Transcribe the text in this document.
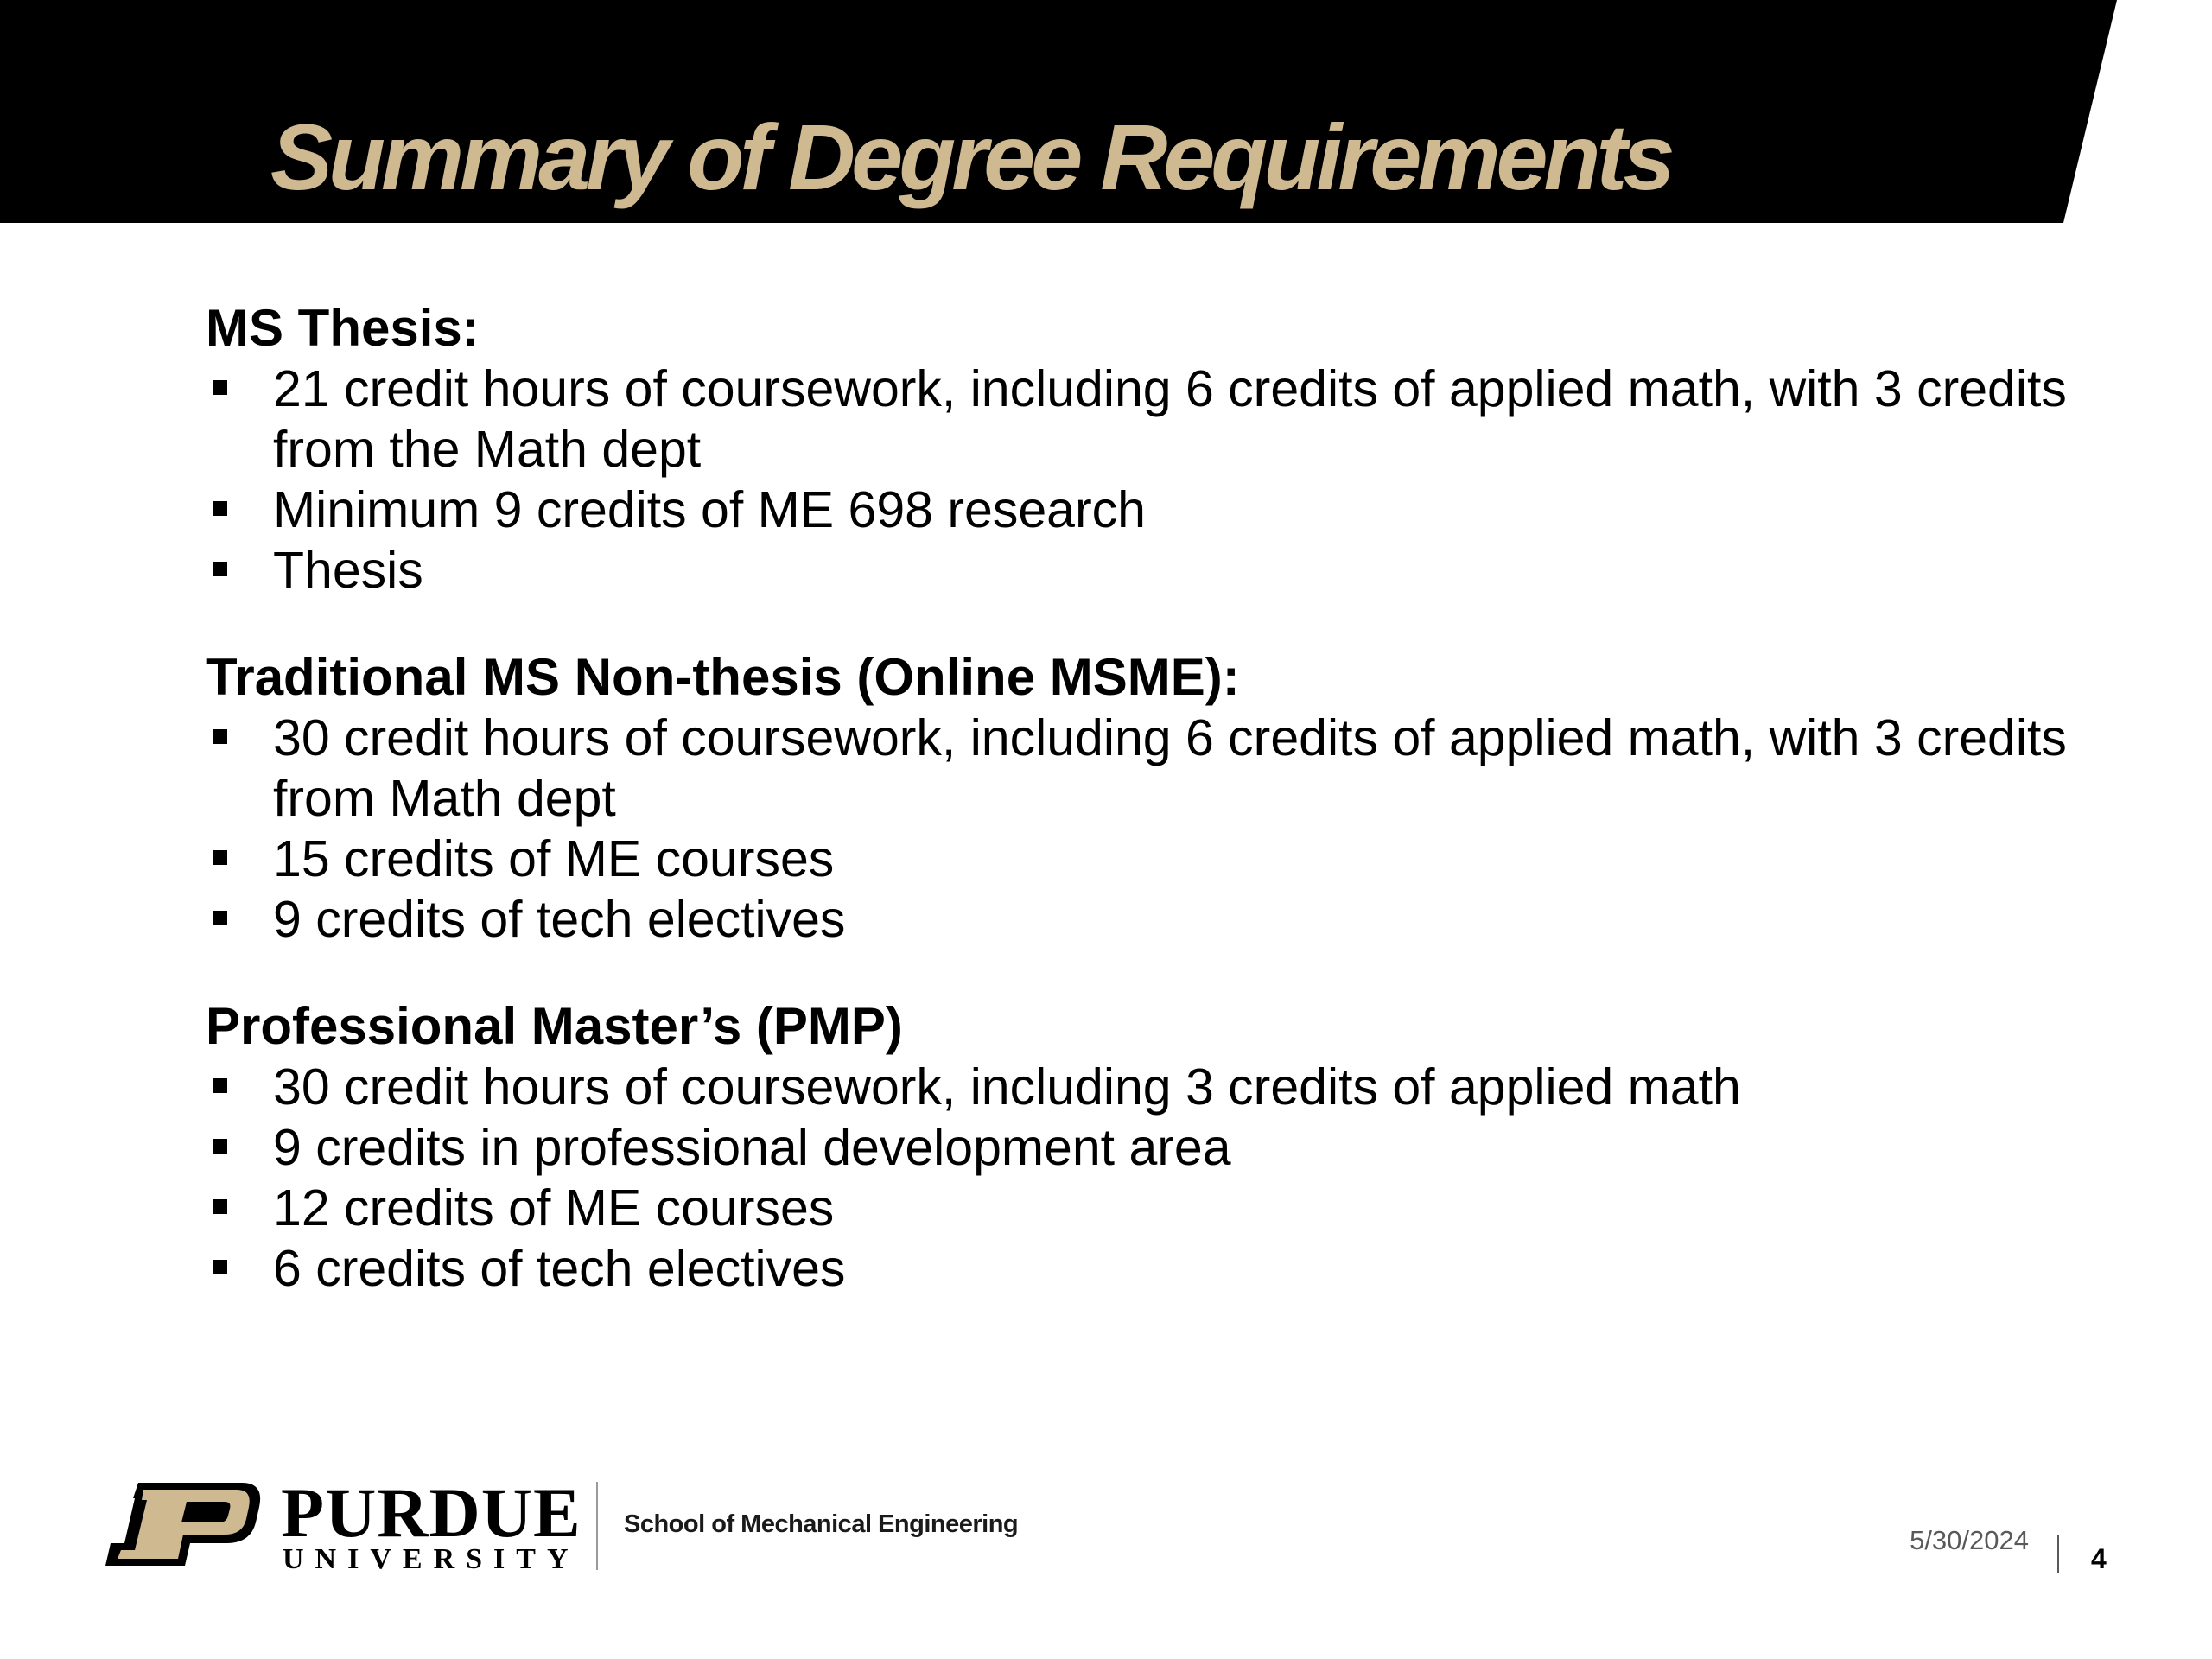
Summary of Degree Requirements
MS Thesis:
21 credit hours of coursework, including 6 credits of applied math, with 3 credits from the Math dept
Minimum 9 credits of ME 698 research
Thesis
Traditional MS Non-thesis (Online MSME):
30 credit hours of coursework, including 6 credits of applied math, with 3 credits from Math dept
15 credits of ME courses
9 credits of tech electives
Professional Master’s (PMP)
30 credit hours of coursework, including 3 credits of applied math
9 credits in professional development area
12 credits of ME courses
6 credits of tech electives
PURDUE
UNIVERSITY
School of Mechanical Engineering
5/30/2024
4
